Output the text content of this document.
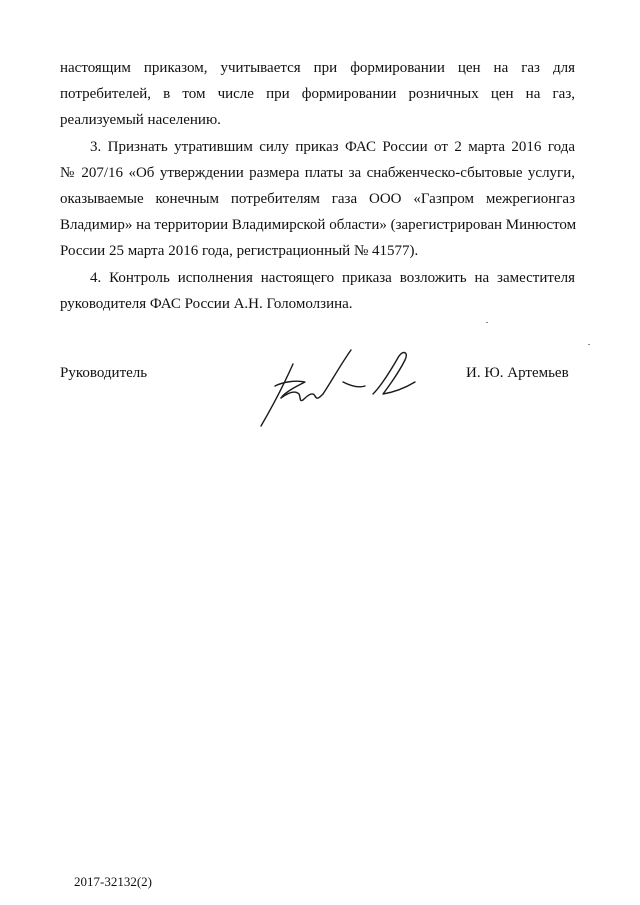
настоящим приказом, учитывается при формировании цен на газ для
потребителей, в том числе при формировании розничных цен на газ,
реализуемый населению.
3. Признать утратившим силу приказ ФАС России от 2 марта 2016 года
№ 207/16 «Об утверждении размера платы за снабженческо-сбытовые услуги,
оказываемые конечным потребителям газа ООО «Газпром межрегионгаз
Владимир» на территории Владимирской области» (зарегистрирован Минюстом
России 25 марта 2016 года, регистрационный № 41577).
4. Контроль исполнения настоящего приказа возложить на заместителя
руководителя ФАС России А.Н. Голомолзина.
Руководитель	И. Ю. Артемьев
2017-32132(2)
